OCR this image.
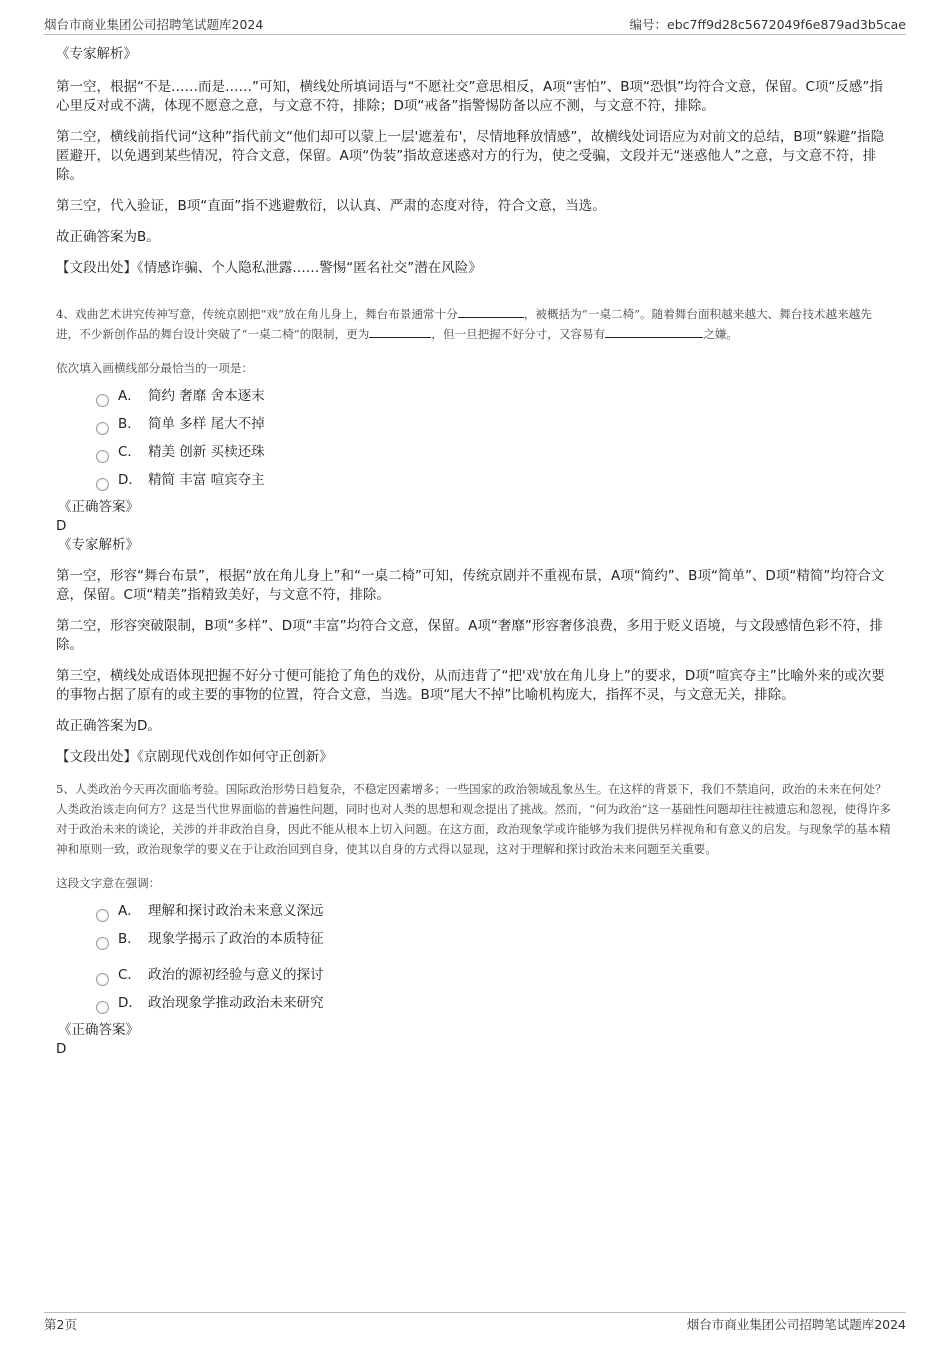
烟台市商业集团公司招聘笔试题库2024	编号：ebc7ff9d28c5672049f6e879ad3b5cae

《专家解析》

第一空，根据“不是……而是……”可知，横线处所填词语与“不愿社交”意思相反，A项“害怕”、B项“恐惧”均符合文意，保留。C项“反感”指心里反对或不满，体现不愿意之意，与文意不符，排除；D项“戒备”指警惕防备以应不测，与文意不符，排除。

第二空，横线前指代词“这种”指代前文“他们却可以蒙上一层'遮羞布'，尽情地释放情感”，故横线处词语应为对前文的总结，B项“躲避”指隐匿避开，以免遇到某些情况，符合文意，保留。A项“伪装”指故意迷惑对方的行为，使之受骗，文段并无“迷惑他人”之意，与文意不符，排除。

第三空，代入验证，B项“直面”指不逃避敷衍，以认真、严肃的态度对待，符合文意，当选。

故正确答案为B。

【文段出处】《情感诈骗、个人隐私泄露……警惕“匿名社交”潜在风险》

4、戏曲艺术讲究传神写意，传统京剧把“戏”放在角儿身上，舞台布景通常十分	，被概括为“一桌二椅”。随着舞台面积越来越大、舞台技术越来越先进，不少新创作品的舞台设计突破了“一桌二椅”的限制，更为	，但一旦把握不好分寸，又容易有	之嫌。

依次填入画横线部分最恰当的一项是：

A． 简约 奢靡 舍本逐末
B． 简单 多样 尾大不掉
C． 精美 创新 买椟还珠
D． 精简 丰富 喧宾夺主

《正确答案》

D

《专家解析》

第一空，形容“舞台布景”，根据“放在角儿身上”和“一桌二椅”可知，传统京剧并不重视布景，A项“简约”、B项“简单”、D项“精简”均符合文意，保留。C项“精美”指精致美好，与文意不符，排除。

第二空，形容突破限制，B项“多样”、D项“丰富”均符合文意，保留。A项“奢靡”形容奢侈浪费，多用于贬义语境，与文段感情色彩不符，排除。

第三空，横线处成语体现把握不好分寸便可能抢了角色的戏份，从而违背了“把'戏'放在角儿身上”的要求，D项“喧宾夺主”比喻外来的或次要的事物占据了原有的或主要的事物的位置，符合文意，当选。B项“尾大不掉”比喻机构庞大，指挥不灵，与文意无关，排除。

故正确答案为D。

【文段出处】《京剧现代戏创作如何守正创新》

5、人类政治今天再次面临考验。国际政治形势日趋复杂，不稳定因素增多；一些国家的政治领域乱象丛生。在这样的背景下，我们不禁追问，政治的未来在何处？人类政治该走向何方？这是当代世界面临的普遍性问题，同时也对人类的思想和观念提出了挑战。然而，“何为政治”这一基础性问题却往往被遗忘和忽视，使得许多对于政治未来的谈论，关涉的并非政治自身，因此不能从根本上切入问题。在这方面，政治现象学或许能够为我们提供另样视角和有意义的启发。与现象学的基本精神和原则一致，政治现象学的要义在于让政治回到自身，使其以自身的方式得以显现，这对于理解和探讨政治未来问题至关重要。

这段文字意在强调：

A． 理解和探讨政治未来意义深远
B． 现象学揭示了政治的本质特征
C． 政治的源初经验与意义的探讨
D． 政治现象学推动政治未来研究

《正确答案》

D

第2页	烟台市商业集团公司招聘笔试题库2024
